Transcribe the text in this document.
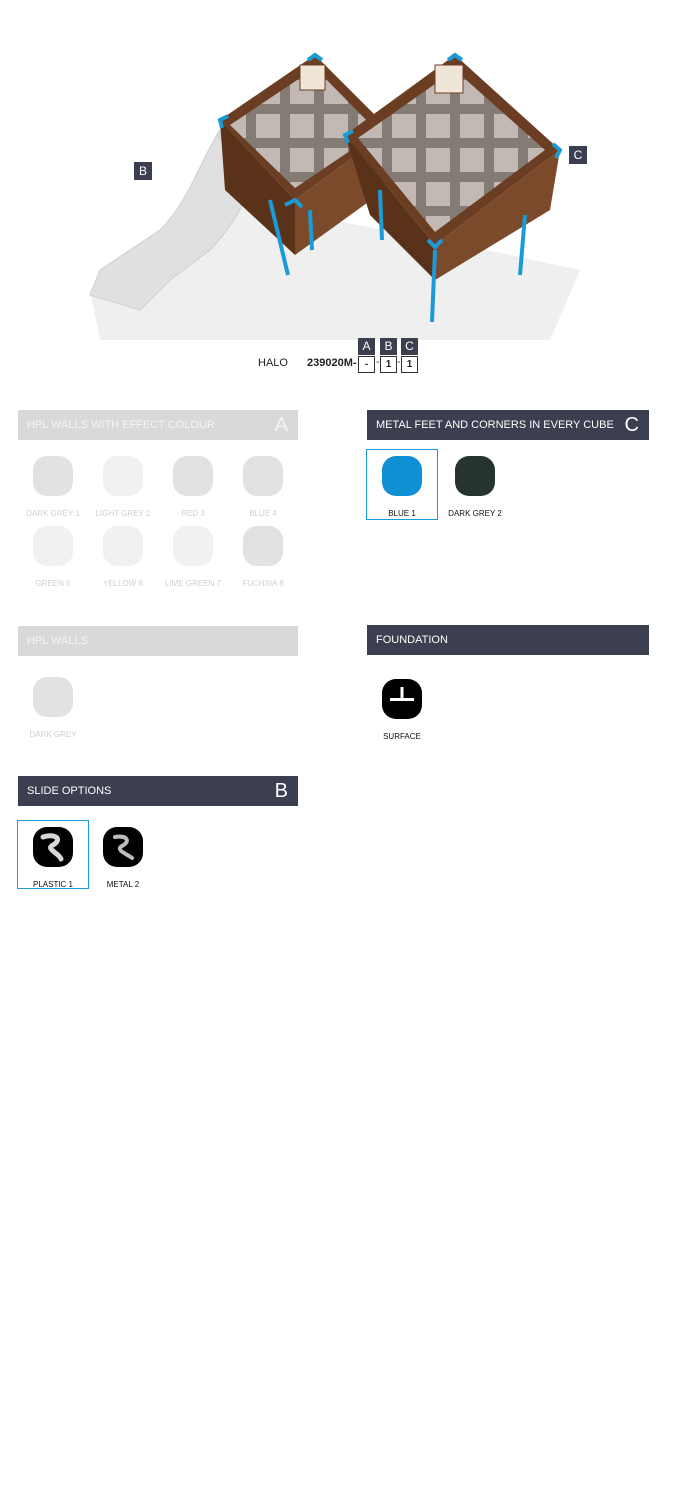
B
C
HALO 239020M-
A	B	C
-	1	1
- -
HPL WALLS WITH EFFECT COLOUR	A
DARK GREY 1	LIGHT GREY 2	RED 3	BLUE 4
GREEN 5	YELLOW 6	LIME GREEN 7	FUCHSIA 8
METAL FEET AND CORNERS IN EVERY CUBE C
BLUE 1	DARK GREY 2
HPL WALLS
DARK GREY
FOUNDATION
SURFACE
SLIDE OPTIONS	B
PLASTIC 1	METAL 2
